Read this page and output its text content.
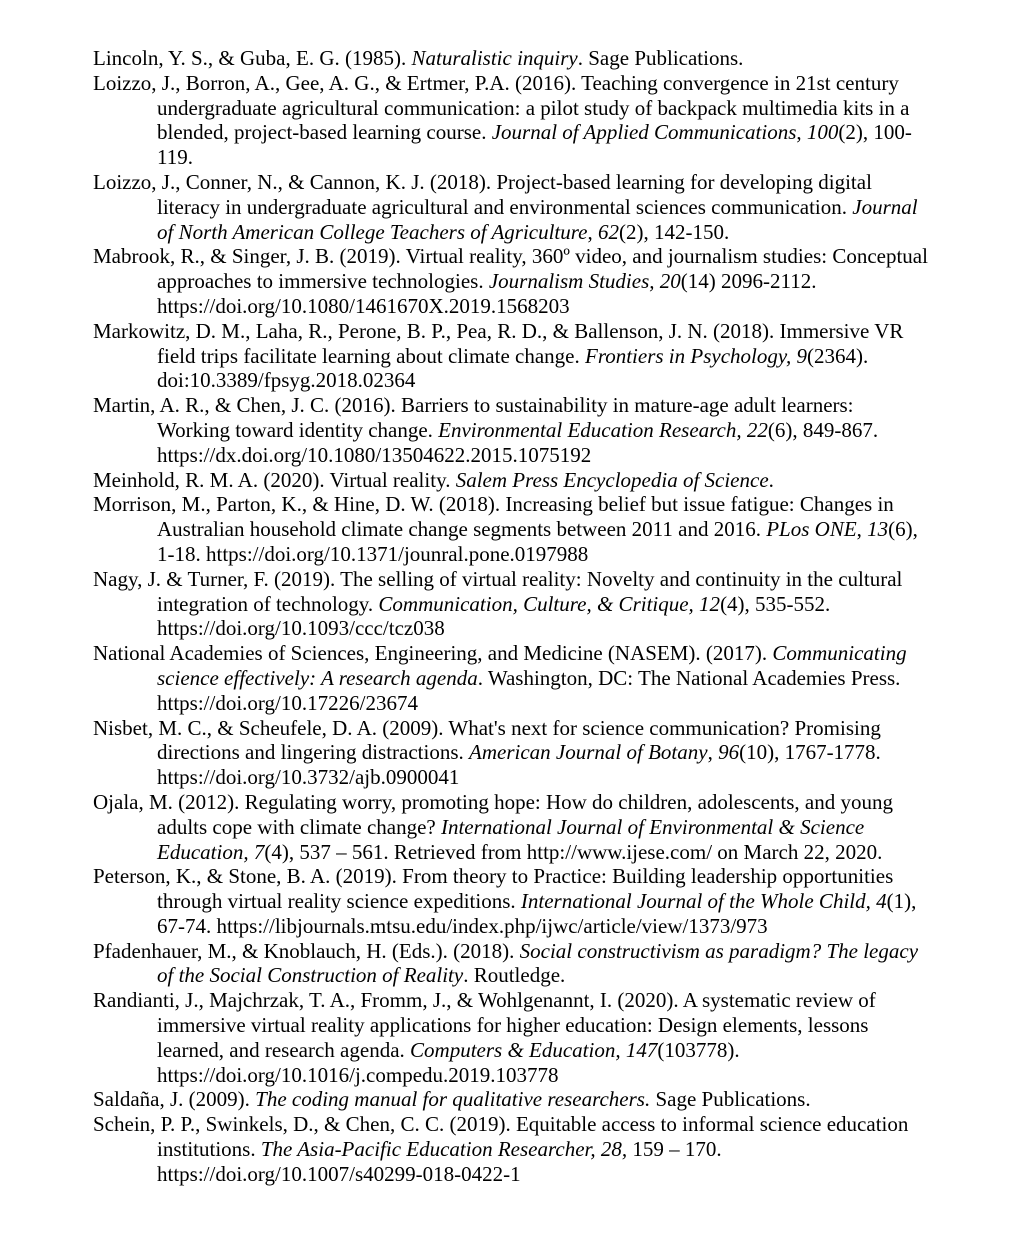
Lincoln, Y. S., & Guba, E. G. (1985). Naturalistic inquiry. Sage Publications.

Loizzo, J., Borron, A., Gee, A. G., & Ertmer, P.A. (2016). Teaching convergence in 21st century undergraduate agricultural communication: a pilot study of backpack multimedia kits in a blended, project-based learning course. Journal of Applied Communications, 100(2), 100-119.

Loizzo, J., Conner, N., & Cannon, K. J. (2018). Project-based learning for developing digital literacy in undergraduate agricultural and environmental sciences communication. Journal of North American College Teachers of Agriculture, 62(2), 142-150.

Mabrook, R., & Singer, J. B. (2019). Virtual reality, 360º video, and journalism studies: Conceptual approaches to immersive technologies. Journalism Studies, 20(14) 2096-2112. https://doi.org/10.1080/1461670X.2019.1568203

Markowitz, D. M., Laha, R., Perone, B. P., Pea, R. D., & Ballenson, J. N. (2018). Immersive VR field trips facilitate learning about climate change. Frontiers in Psychology, 9(2364). doi:10.3389/fpsyg.2018.02364

Martin, A. R., & Chen, J. C. (2016). Barriers to sustainability in mature-age adult learners: Working toward identity change. Environmental Education Research, 22(6), 849-867. https://dx.doi.org/10.1080/13504622.2015.1075192

Meinhold, R. M. A. (2020). Virtual reality. Salem Press Encyclopedia of Science.

Morrison, M., Parton, K., & Hine, D. W. (2018). Increasing belief but issue fatigue: Changes in Australian household climate change segments between 2011 and 2016. PLos ONE, 13(6), 1-18. https://doi.org/10.1371/jounral.pone.0197988

Nagy, J. & Turner, F. (2019). The selling of virtual reality: Novelty and continuity in the cultural integration of technology. Communication, Culture, & Critique, 12(4), 535-552. https://doi.org/10.1093/ccc/tcz038

National Academies of Sciences, Engineering, and Medicine (NASEM). (2017). Communicating science effectively: A research agenda. Washington, DC: The National Academies Press. https://doi.org/10.17226/23674

Nisbet, M. C., & Scheufele, D. A. (2009). What's next for science communication? Promising directions and lingering distractions. American Journal of Botany, 96(10), 1767-1778. https://doi.org/10.3732/ajb.0900041

Ojala, M. (2012). Regulating worry, promoting hope: How do children, adolescents, and young adults cope with climate change? International Journal of Environmental & Science Education, 7(4), 537 – 561. Retrieved from http://www.ijese.com/ on March 22, 2020.

Peterson, K., & Stone, B. A. (2019). From theory to Practice: Building leadership opportunities through virtual reality science expeditions. International Journal of the Whole Child, 4(1), 67-74. https://libjournals.mtsu.edu/index.php/ijwc/article/view/1373/973

Pfadenhauer, M., & Knoblauch, H. (Eds.). (2018). Social constructivism as paradigm? The legacy of the Social Construction of Reality. Routledge.

Randianti, J., Majchrzak, T. A., Fromm, J., & Wohlgenannt, I. (2020). A systematic review of immersive virtual reality applications for higher education: Design elements, lessons learned, and research agenda. Computers & Education, 147(103778). https://doi.org/10.1016/j.compedu.2019.103778

Saldaña, J. (2009). The coding manual for qualitative researchers. Sage Publications.

Schein, P. P., Swinkels, D., & Chen, C. C. (2019). Equitable access to informal science education institutions. The Asia-Pacific Education Researcher, 28, 159 – 170. https://doi.org/10.1007/s40299-018-0422-1
